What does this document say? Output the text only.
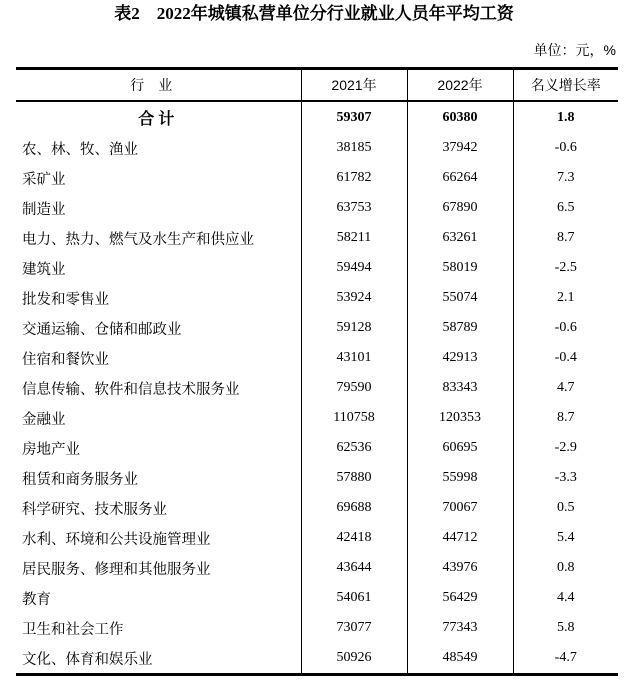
表2　2022年城镇私营单位分行业就业人员年平均工资
单位：元，%
行业	2021年	2022年	名义增长率
合计	59307	60380	1.8
农、林、牧、渔业	38185	37942	-0.6
采矿业	61782	66264	7.3
制造业	63753	67890	6.5
电力、热力、燃气及水生产和供应业	58211	63261	8.7
建筑业	59494	58019	-2.5
批发和零售业	53924	55074	2.1
交通运输、仓储和邮政业	59128	58789	-0.6
住宿和餐饮业	43101	42913	-0.4
信息传输、软件和信息技术服务业	79590	83343	4.7
金融业	110758	120353	8.7
房地产业	62536	60695	-2.9
租赁和商务服务业	57880	55998	-3.3
科学研究、技术服务业	69688	70067	0.5
水利、环境和公共设施管理业	42418	44712	5.4
居民服务、修理和其他服务业	43644	43976	0.8
教育	54061	56429	4.4
卫生和社会工作	73077	77343	5.8
文化、体育和娱乐业	50926	48549	-4.7
